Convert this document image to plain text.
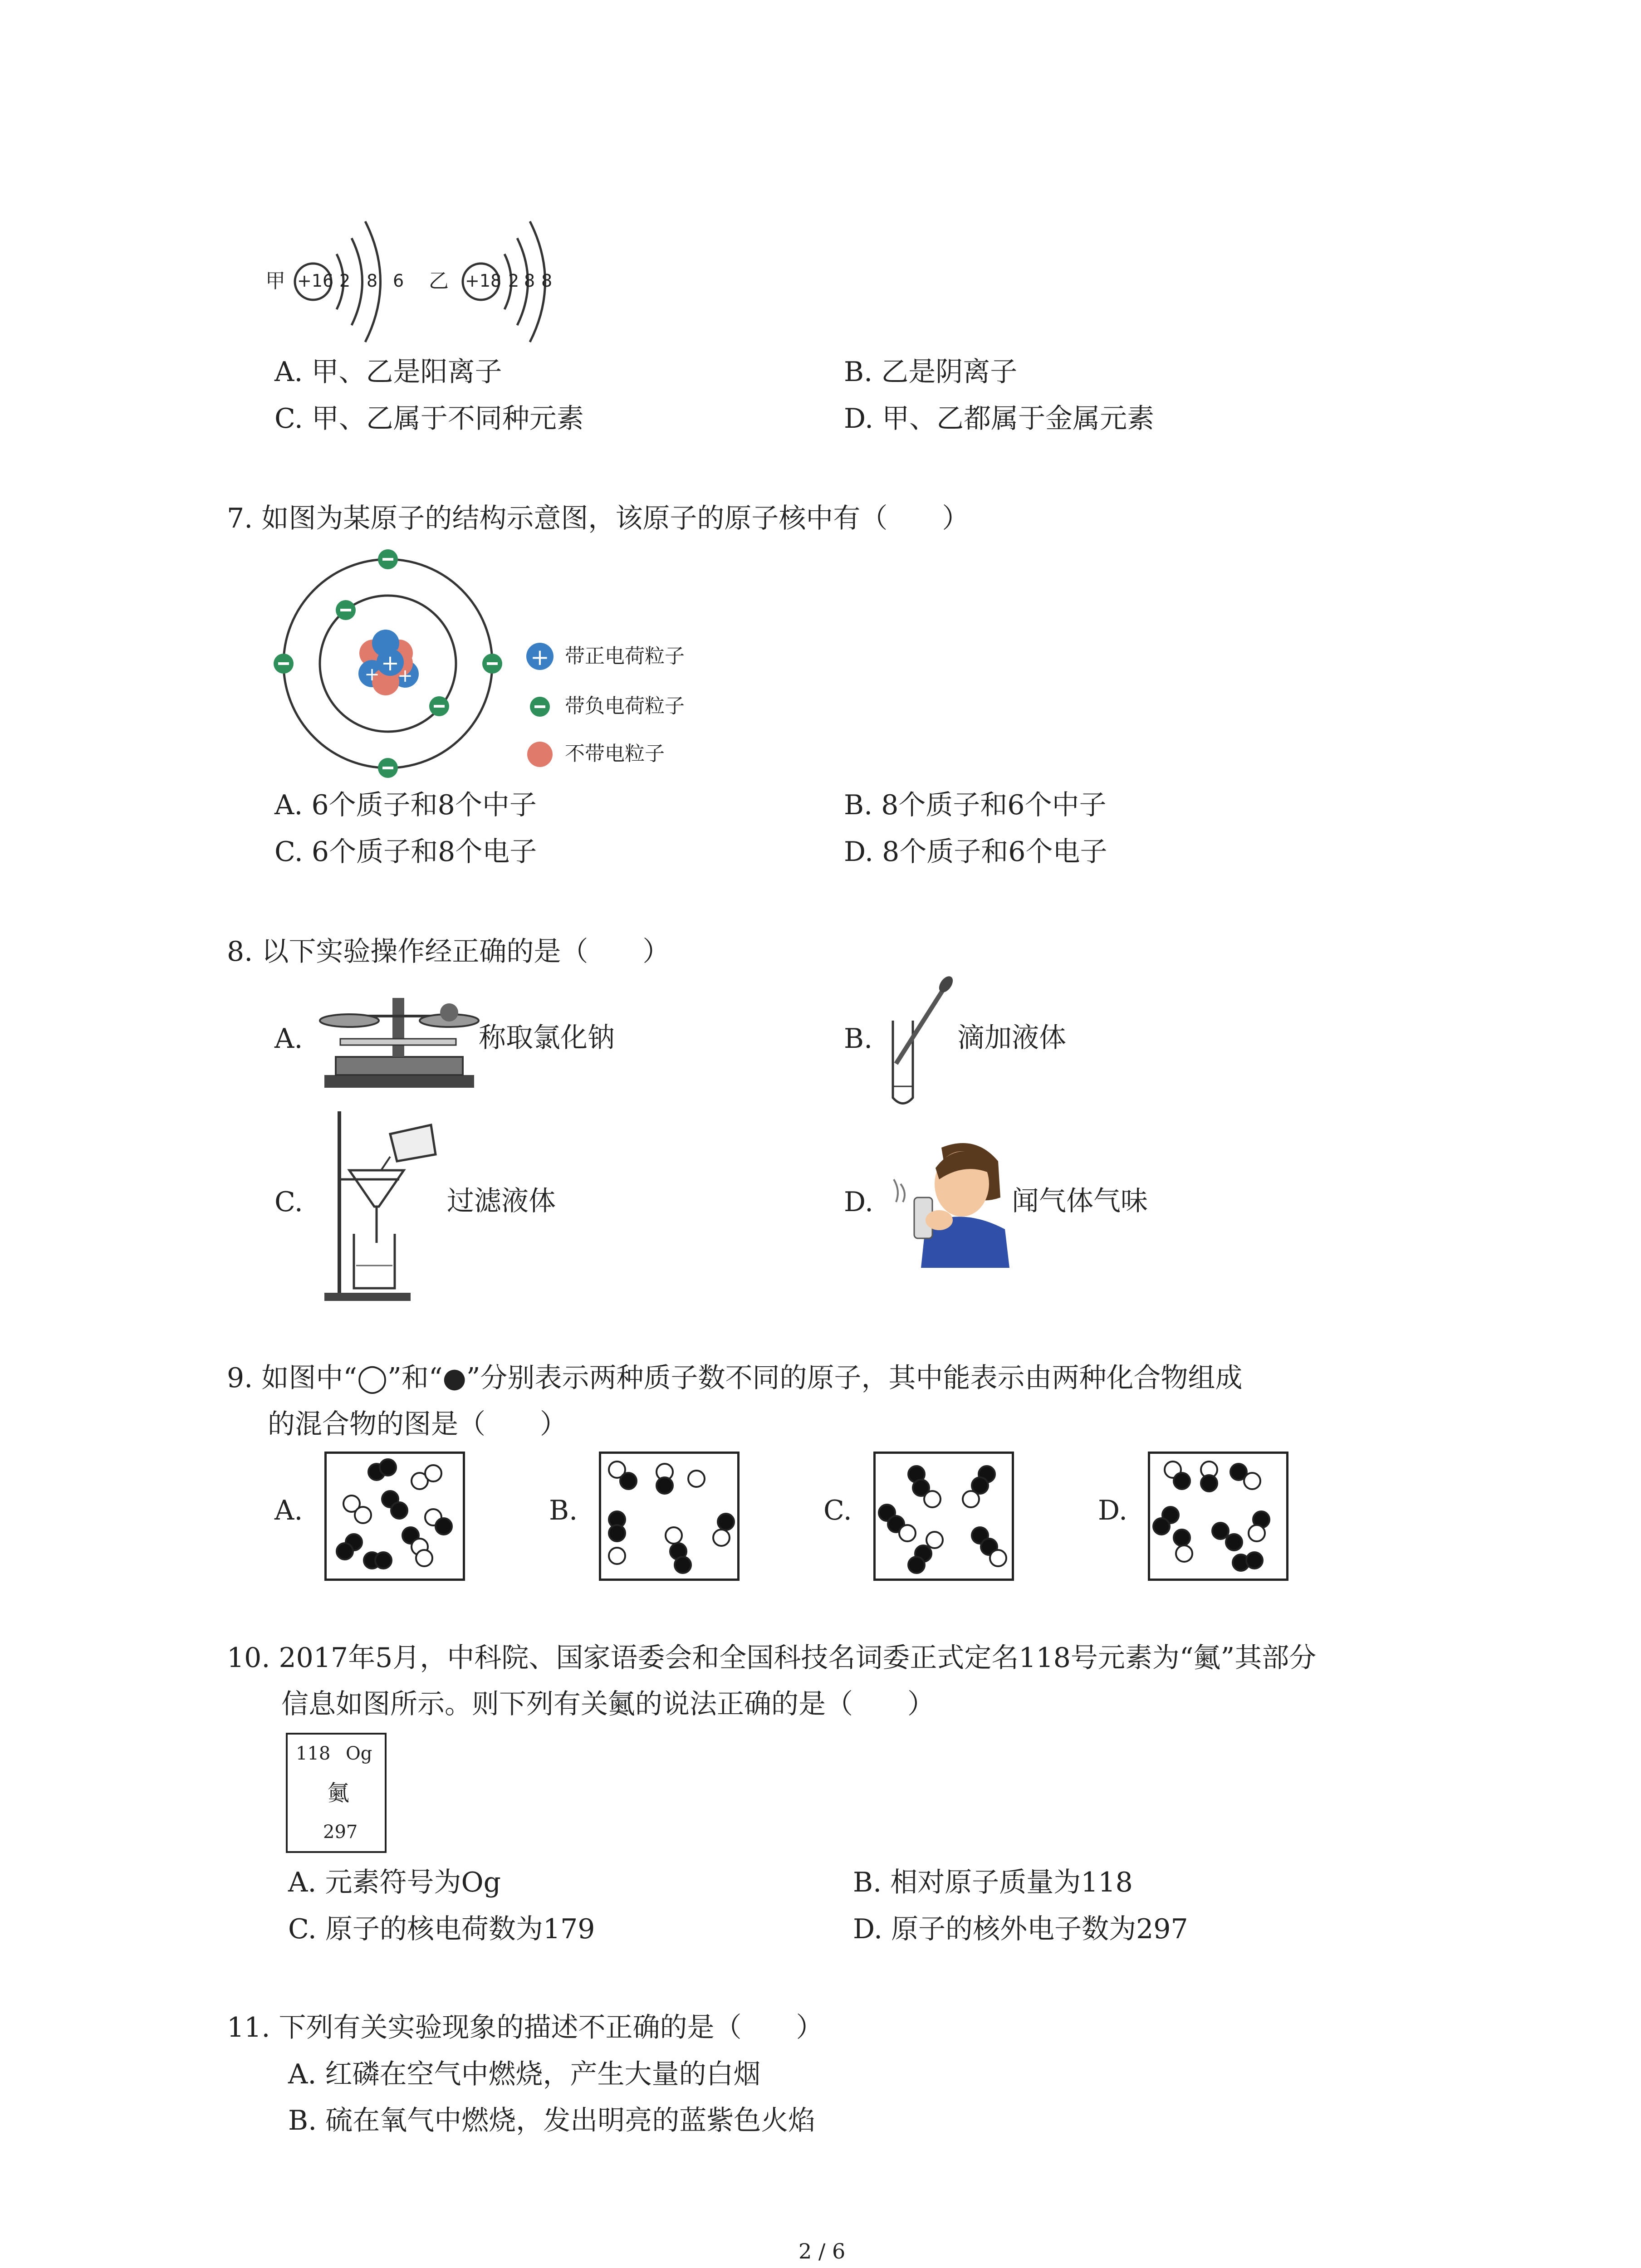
甲 +16 2 8 6 乙 +18 2 8 8
A. 甲、乙是阳离子	B. 乙是阴离子
C. 甲、乙属于不同种元素	D. 甲、乙都属于金属元素
7. 如图为某原子的结构示意图，该原子的原子核中有（　　）
+
+
+
+ 带正电荷粒子
带负电荷粒子
不带电粒子
A. 6个质子和8个中子	B. 8个质子和6个中子
C. 6个质子和8个电子	D. 8个质子和6个电子
8. 以下实验操作经正确的是（　　）
A.	称取氯化钠	B.	滴加液体
C.	过滤液体	D.	闻气体气味
9. 如图中“◯”和“●”分别表示两种质子数不同的原子，其中能表示由两种化合物组成
的混合物的图是（　　）
A.	B.	C.	D.
10. 2017年5月，中科院、国家语委会和全国科技名词委正式定名118号元素为“鿫”其部分
信息如图所示。则下列有关鿫的说法正确的是（　　）
118 Og
鿫
297
A. 元素符号为Og	B. 相对原子质量为118
C. 原子的核电荷数为179	D. 原子的核外电子数为297
11. 下列有关实验现象的描述不正确的是（　　）
A. 红磷在空气中燃烧，产生大量的白烟
B. 硫在氧气中燃烧，发出明亮的蓝紫色火焰
2 / 6
